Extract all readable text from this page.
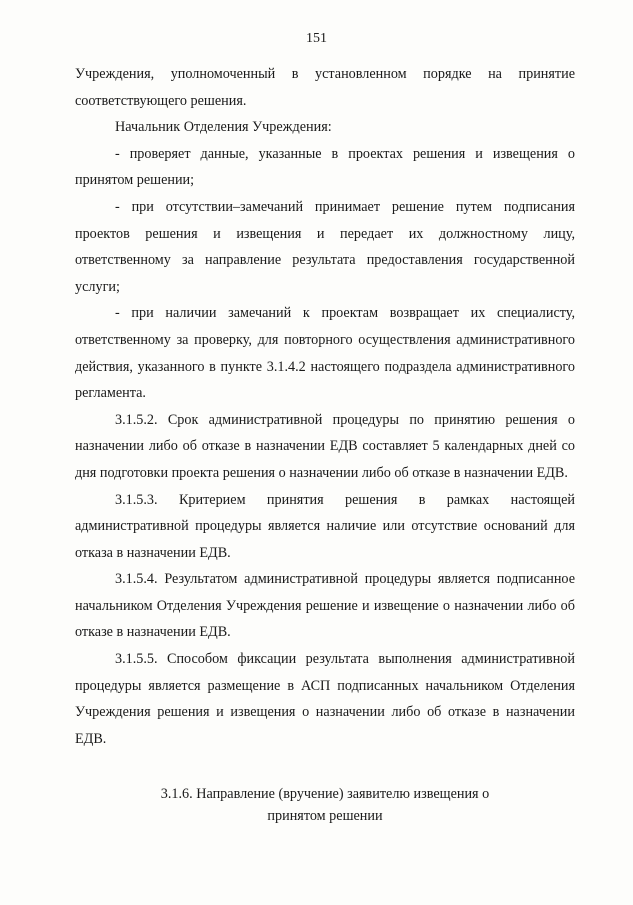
151

Учреждения, уполномоченный в установленном порядке на принятие соответствующего решения.

Начальник Отделения Учреждения:

- проверяет данные, указанные в проектах решения и извещения о принятом решении;

- при отсутствии–замечаний принимает решение путем подписания проектов решения и извещения и передает их должностному лицу, ответственному за направление результата предоставления государственной услуги;

- при наличии замечаний к проектам возвращает их специалисту, ответственному за проверку, для повторного осуществления административного действия, указанного в пункте 3.1.4.2 настоящего подраздела административного регламента.

3.1.5.2. Срок административной процедуры по принятию решения о назначении либо об отказе в назначении ЕДВ составляет 5 календарных дней со дня подготовки проекта решения о назначении либо об отказе в назначении ЕДВ.

3.1.5.3. Критерием принятия решения в рамках настоящей административной процедуры является наличие или отсутствие оснований для отказа в назначении ЕДВ.

3.1.5.4. Результатом административной процедуры является подписанное начальником Отделения Учреждения решение и извещение о назначении либо об отказе в назначении ЕДВ.

3.1.5.5. Способом фиксации результата выполнения административной процедуры является размещение в АСП подписанных начальником Отделения Учреждения решения и извещения о назначении либо об отказе в назначении ЕДВ.

3.1.6. Направление (вручение) заявителю извещения о
принятом решении
